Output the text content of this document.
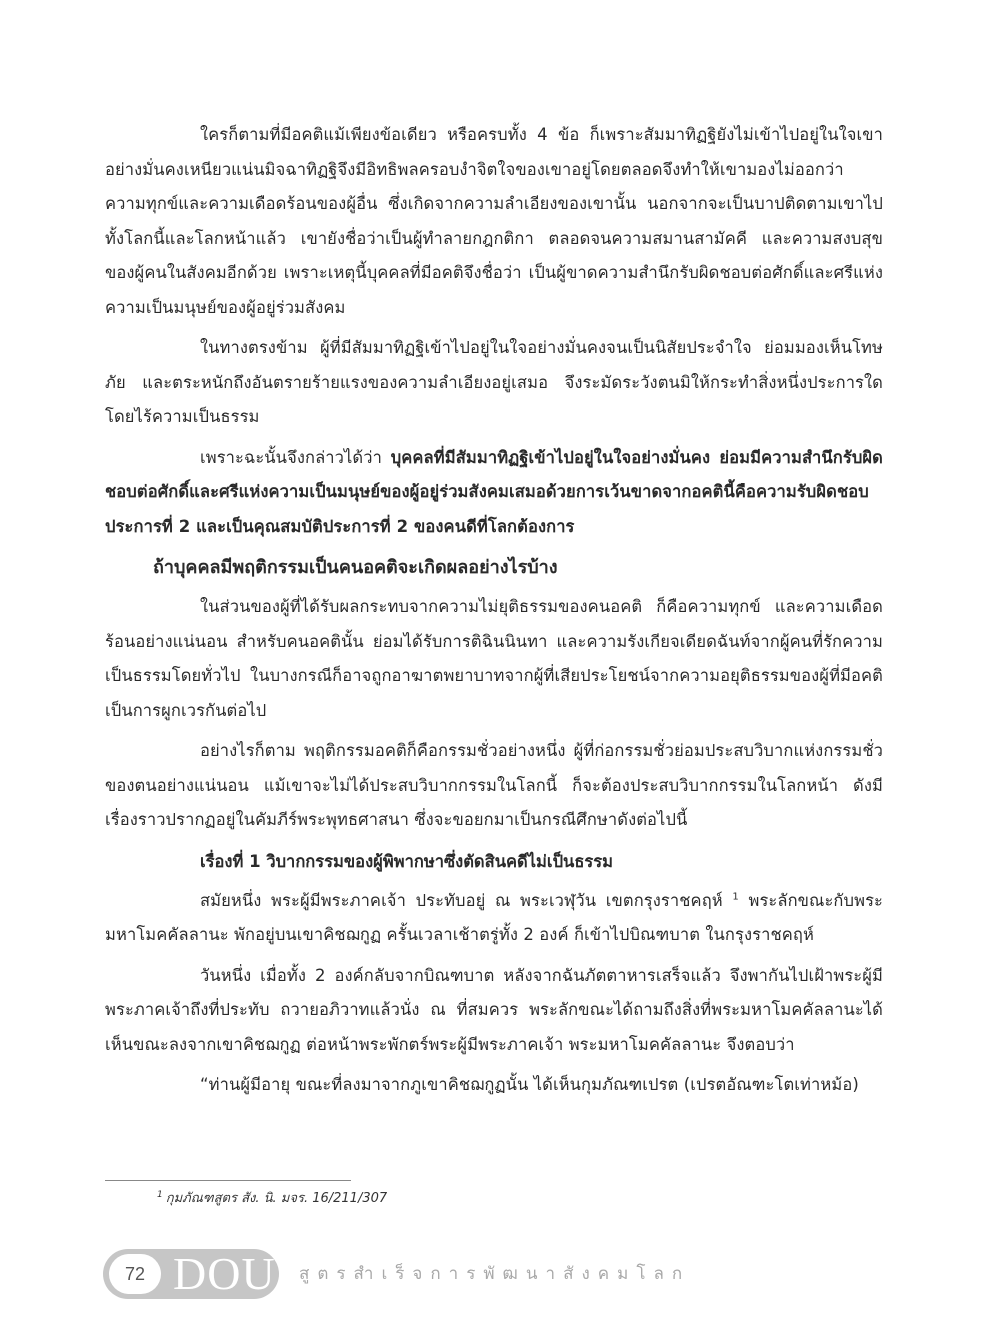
ใครก็ตามที่มีอคติแม้เพียงข้อเดียว หรือครบทั้ง 4 ข้อ ก็เพราะสัมมาทิฏฐิยังไม่เข้าไปอยู่ในใจเขาอย่างมั่นคงเหนียวแน่นมิจฉาทิฏฐิจึงมีอิทธิพลครอบงำจิตใจของเขาอยู่โดยตลอดจึงทำให้เขามองไม่ออกว่าความทุกข์และความเดือดร้อนของผู้อื่น ซึ่งเกิดจากความลำเอียงของเขานั้น นอกจากจะเป็นบาปติดตามเขาไปทั้งโลกนี้และโลกหน้าแล้ว เขายังชื่อว่าเป็นผู้ทำลายกฎกติกา ตลอดจนความสมานสามัคคี และความสงบสุขของผู้คนในสังคมอีกด้วย เพราะเหตุนี้บุคคลที่มีอคติจึงชื่อว่า เป็นผู้ขาดความสำนึกรับผิดชอบต่อศักดิ์และศรีแห่งความเป็นมนุษย์ของผู้อยู่ร่วมสังคม

ในทางตรงข้าม ผู้ที่มีสัมมาทิฏฐิเข้าไปอยู่ในใจอย่างมั่นคงจนเป็นนิสัยประจำใจ ย่อมมองเห็นโทษภัย และตระหนักถึงอันตรายร้ายแรงของความลำเอียงอยู่เสมอ จึงระมัดระวังตนมิให้กระทำสิ่งหนึ่งประการใดโดยไร้ความเป็นธรรม

เพราะฉะนั้นจึงกล่าวได้ว่า บุคคลที่มีสัมมาทิฏฐิเข้าไปอยู่ในใจอย่างมั่นคง ย่อมมีความสำนึกรับผิดชอบต่อศักดิ์และศรีแห่งความเป็นมนุษย์ของผู้อยู่ร่วมสังคมเสมอด้วยการเว้นขาดจากอคตินี้คือความรับผิดชอบประการที่ 2 และเป็นคุณสมบัติประการที่ 2 ของคนดีที่โลกต้องการ

ถ้าบุคคลมีพฤติกรรมเป็นคนอคติจะเกิดผลอย่างไรบ้าง

ในส่วนของผู้ที่ได้รับผลกระทบจากความไม่ยุติธรรมของคนอคติ ก็คือความทุกข์ และความเดือดร้อนอย่างแน่นอน สำหรับคนอคตินั้น ย่อมได้รับการติฉินนินทา และความรังเกียจเดียดฉันท์จากผู้คนที่รักความเป็นธรรมโดยทั่วไป ในบางกรณีก็อาจถูกอาฆาตพยาบาทจากผู้ที่เสียประโยชน์จากความอยุติธรรมของผู้ที่มีอคติเป็นการผูกเวรกันต่อไป

อย่างไรก็ตาม พฤติกรรมอคติก็คือกรรมชั่วอย่างหนึ่ง ผู้ที่ก่อกรรมชั่วย่อมประสบวิบากแห่งกรรมชั่วของตนอย่างแน่นอน แม้เขาจะไม่ได้ประสบวิบากกรรมในโลกนี้ ก็จะต้องประสบวิบากกรรมในโลกหน้า ดังมีเรื่องราวปรากฏอยู่ในคัมภีร์พระพุทธศาสนา ซึ่งจะขอยกมาเป็นกรณีศึกษาดังต่อไปนี้

เรื่องที่ 1 วิบากกรรมของผู้พิพากษาซึ่งตัดสินคดีไม่เป็นธรรม

สมัยหนึ่ง พระผู้มีพระภาคเจ้า ประทับอยู่ ณ พระเวฬุวัน เขตกรุงราชคฤห์ $^1$ พระลักขณะกับพระมหาโมคคัลลานะ พักอยู่บนเขาคิชฌกูฏ ครั้นเวลาเช้าตรู่ทั้ง 2 องค์ ก็เข้าไปบิณฑบาต ในกรุงราชคฤห์

วันหนึ่ง เมื่อทั้ง 2 องค์กลับจากบิณฑบาต หลังจากฉันภัตตาหารเสร็จแล้ว จึงพากันไปเฝ้าพระผู้มีพระภาคเจ้าถึงที่ประทับ ถวายอภิวาทแล้วนั่ง ณ ที่สมควร พระลักขณะได้ถามถึงสิ่งที่พระมหาโมคคัลลานะได้เห็นขณะลงจากเขาคิชฌกูฏ ต่อหน้าพระพักตร์พระผู้มีพระภาคเจ้า พระมหาโมคคัลลานะ จึงตอบว่า

“ท่านผู้มีอายุ ขณะที่ลงมาจากภูเขาคิชฌกูฏนั้น ได้เห็นกุมภัณฑเปรต (เปรตอัณฑะโตเท่าหม้อ)

$^1$ กุมภัณฑสูตร สัง. นิ. มจร. 16/211/307
72 DOU สูตรสำเร็จการพัฒนาสังคมโลก
